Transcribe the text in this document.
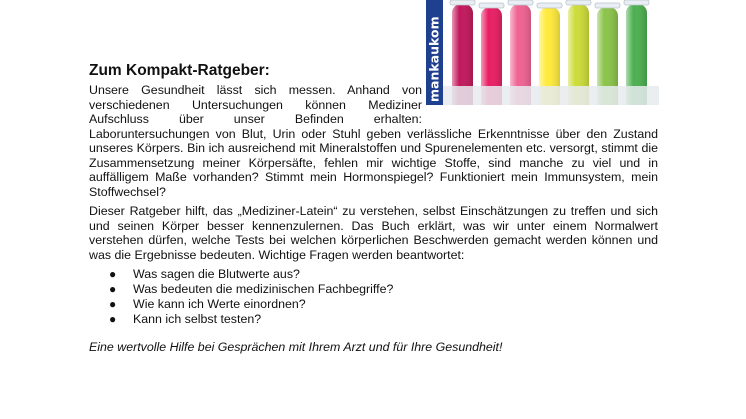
mankaukom
Zum Kompakt-Ratgeber:
Unsere Gesundheit lässt sich messen. Anhand von
verschiedenen Untersuchungen können Mediziner
Aufschluss über unser Befinden erhalten:

Laboruntersuchungen von Blut, Urin oder Stuhl geben verlässliche Erkenntnisse über den Zustand unseres Körpers. Bin ich ausreichend mit Mineralstoffen und Spurenelementen etc. versorgt, stimmt die Zusammensetzung meiner Körpersäfte, fehlen mir wichtige Stoffe, sind manche zu viel und in auffälligem Maße vorhanden? Stimmt mein Hormonspiegel? Funktioniert mein Immunsystem, mein Stoffwechsel?

Dieser Ratgeber hilft, das „Mediziner-Latein“ zu verstehen, selbst Einschätzungen zu treffen und sich und seinen Körper besser kennenzulernen. Das Buch erklärt, was wir unter einem Normalwert verstehen dürfen, welche Tests bei welchen körperlichen Beschwerden gemacht werden können und was die Ergebnisse bedeuten. Wichtige Fragen werden beantwortet:

● Was sagen die Blutwerte aus?
● Was bedeuten die medizinischen Fachbegriffe?
● Wie kann ich Werte einordnen?
● Kann ich selbst testen?

Eine wertvolle Hilfe bei Gesprächen mit Ihrem Arzt und für Ihre Gesundheit!
